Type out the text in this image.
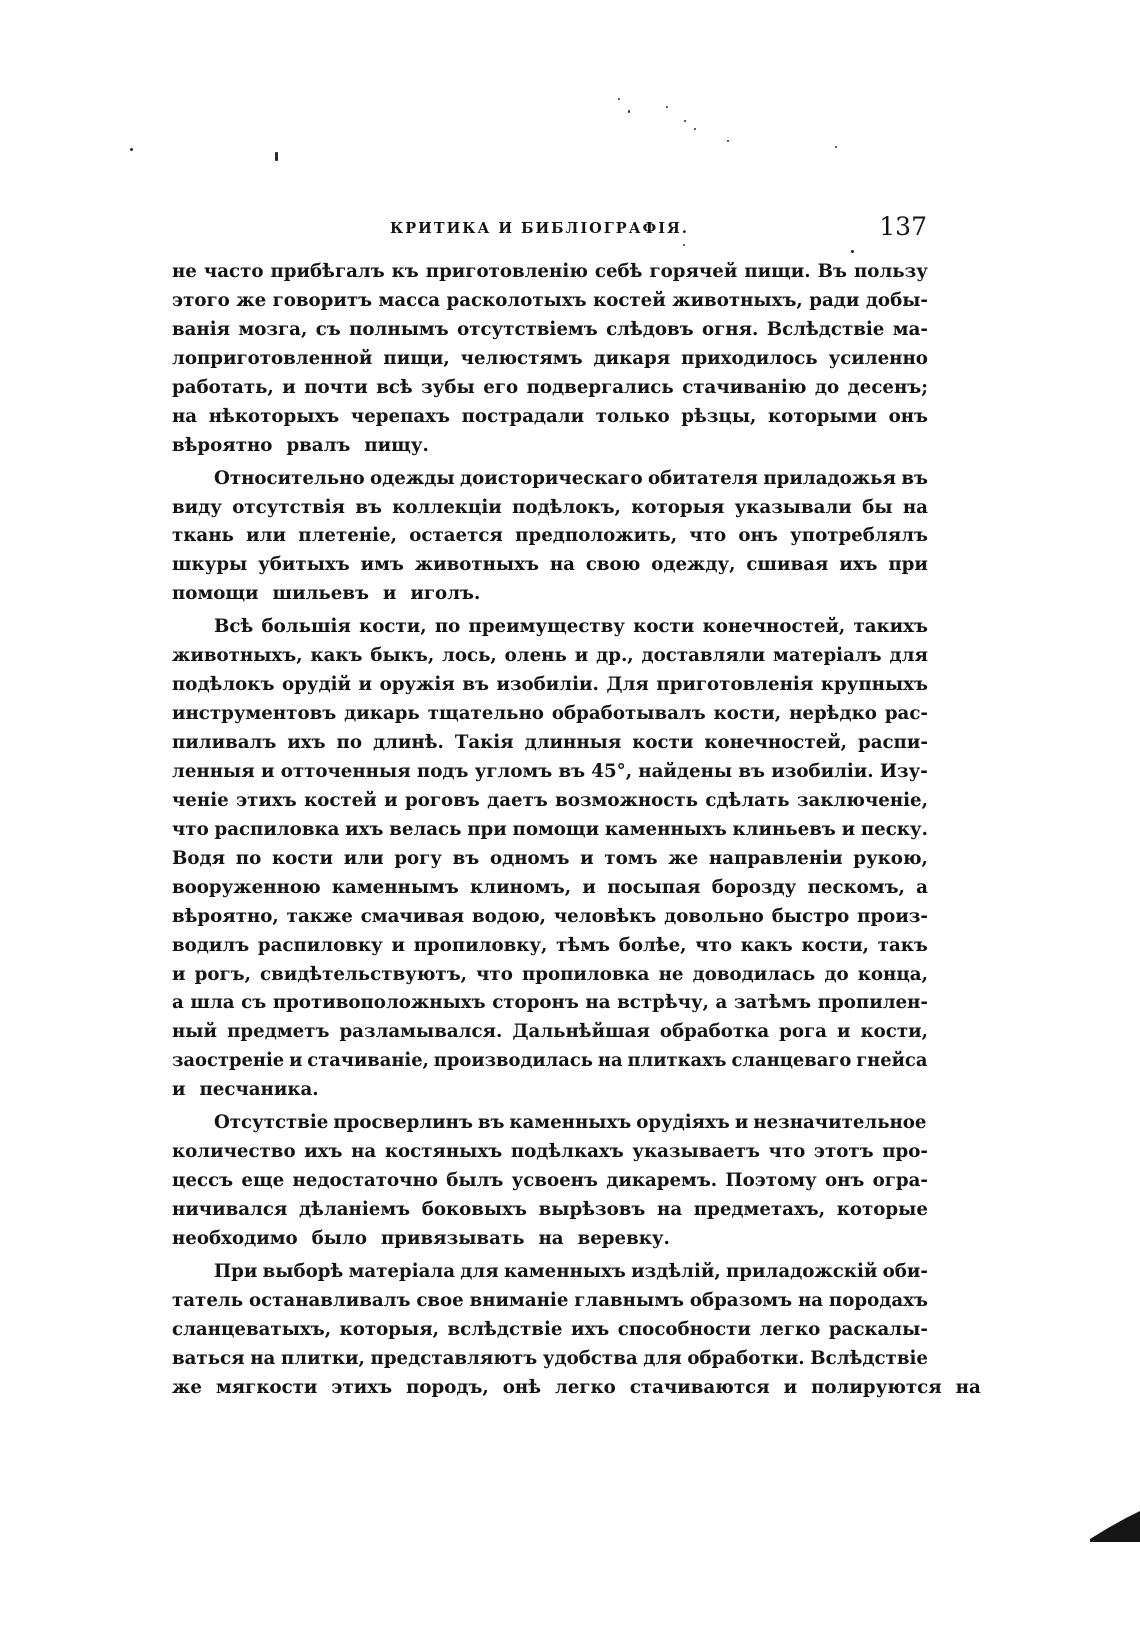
КРИТИКА И БИБЛІОГРАФІЯ.	137
не часто прибѣгалъ къ приготовленію себѣ горячей пищи. Въ пользу
этого же говоритъ масса расколотыхъ костей животныхъ, ради добы-
ванія мозга, съ полнымъ отсутствіемъ слѣдовъ огня. Вслѣдствіе ма-
лоприготовленной пищи, челюстямъ дикаря приходилось усиленно
работать, и почти всѣ зубы его подвергались стачиванію до десенъ;
на нѣкоторыхъ черепахъ пострадали только рѣзцы, которыми онъ
вѣроятно рвалъ пищу.
Относительно одежды доисторическаго обитателя приладожья въ
виду отсутствія въ коллекціи подѣлокъ, которыя указывали бы на
ткань или плетеніе, остается предположить, что онъ употреблялъ
шкуры убитыхъ имъ животныхъ на свою одежду, сшивая ихъ при
помощи шильевъ и иголъ.
Всѣ большія кости, по преимуществу кости конечностей, такихъ
животныхъ, какъ быкъ, лось, олень и др., доставляли матеріалъ для
подѣлокъ орудій и оружія въ изобиліи. Для приготовленія крупныхъ
инструментовъ дикарь тщательно обработывалъ кости, нерѣдко рас-
пиливалъ ихъ по длинѣ. Такія длинныя кости конечностей, распи-
ленныя и отточенныя подъ угломъ въ 45°, найдены въ изобиліи. Изу-
ченіе этихъ костей и роговъ даетъ возможность сдѣлать заключеніе,
что распиловка ихъ велась при помощи каменныхъ клиньевъ и песку.
Водя по кости или рогу въ одномъ и томъ же направленіи рукою,
вооруженною каменнымъ клиномъ, и посыпая борозду пескомъ, а
вѣроятно, также смачивая водою, человѣкъ довольно быстро произ-
водилъ распиловку и пропиловку, тѣмъ болѣе, что какъ кости, такъ
и рогъ, свидѣтельствуютъ, что пропиловка не доводилась до конца,
а шла съ противоположныхъ сторонъ на встрѣчу, а затѣмъ пропилен-
ный предметъ разламывался. Дальнѣйшая обработка рога и кости,
заостреніе и стачиваніе, производилась на плиткахъ сланцеваго гнейса
и песчаника.
Отсутствіе просверлинъ въ каменныхъ орудіяхъ и незначительное
количество ихъ на костяныхъ подѣлкахъ указываетъ что этотъ про-
цессъ еще недостаточно былъ усвоенъ дикаремъ. Поэтому онъ огра-
ничивался дѣланіемъ боковыхъ вырѣзовъ на предметахъ, которые
необходимо было привязывать на веревку.
При выборѣ матеріала для каменныхъ издѣлій, приладожскій оби-
татель останавливалъ свое вниманіе главнымъ образомъ на породахъ
сланцеватыхъ, которыя, вслѣдствіе ихъ способности легко раскалы-
ваться на плитки, представляютъ удобства для обработки. Вслѣдствіе
же мягкости этихъ породъ, онѣ легко стачиваются и полируются на
